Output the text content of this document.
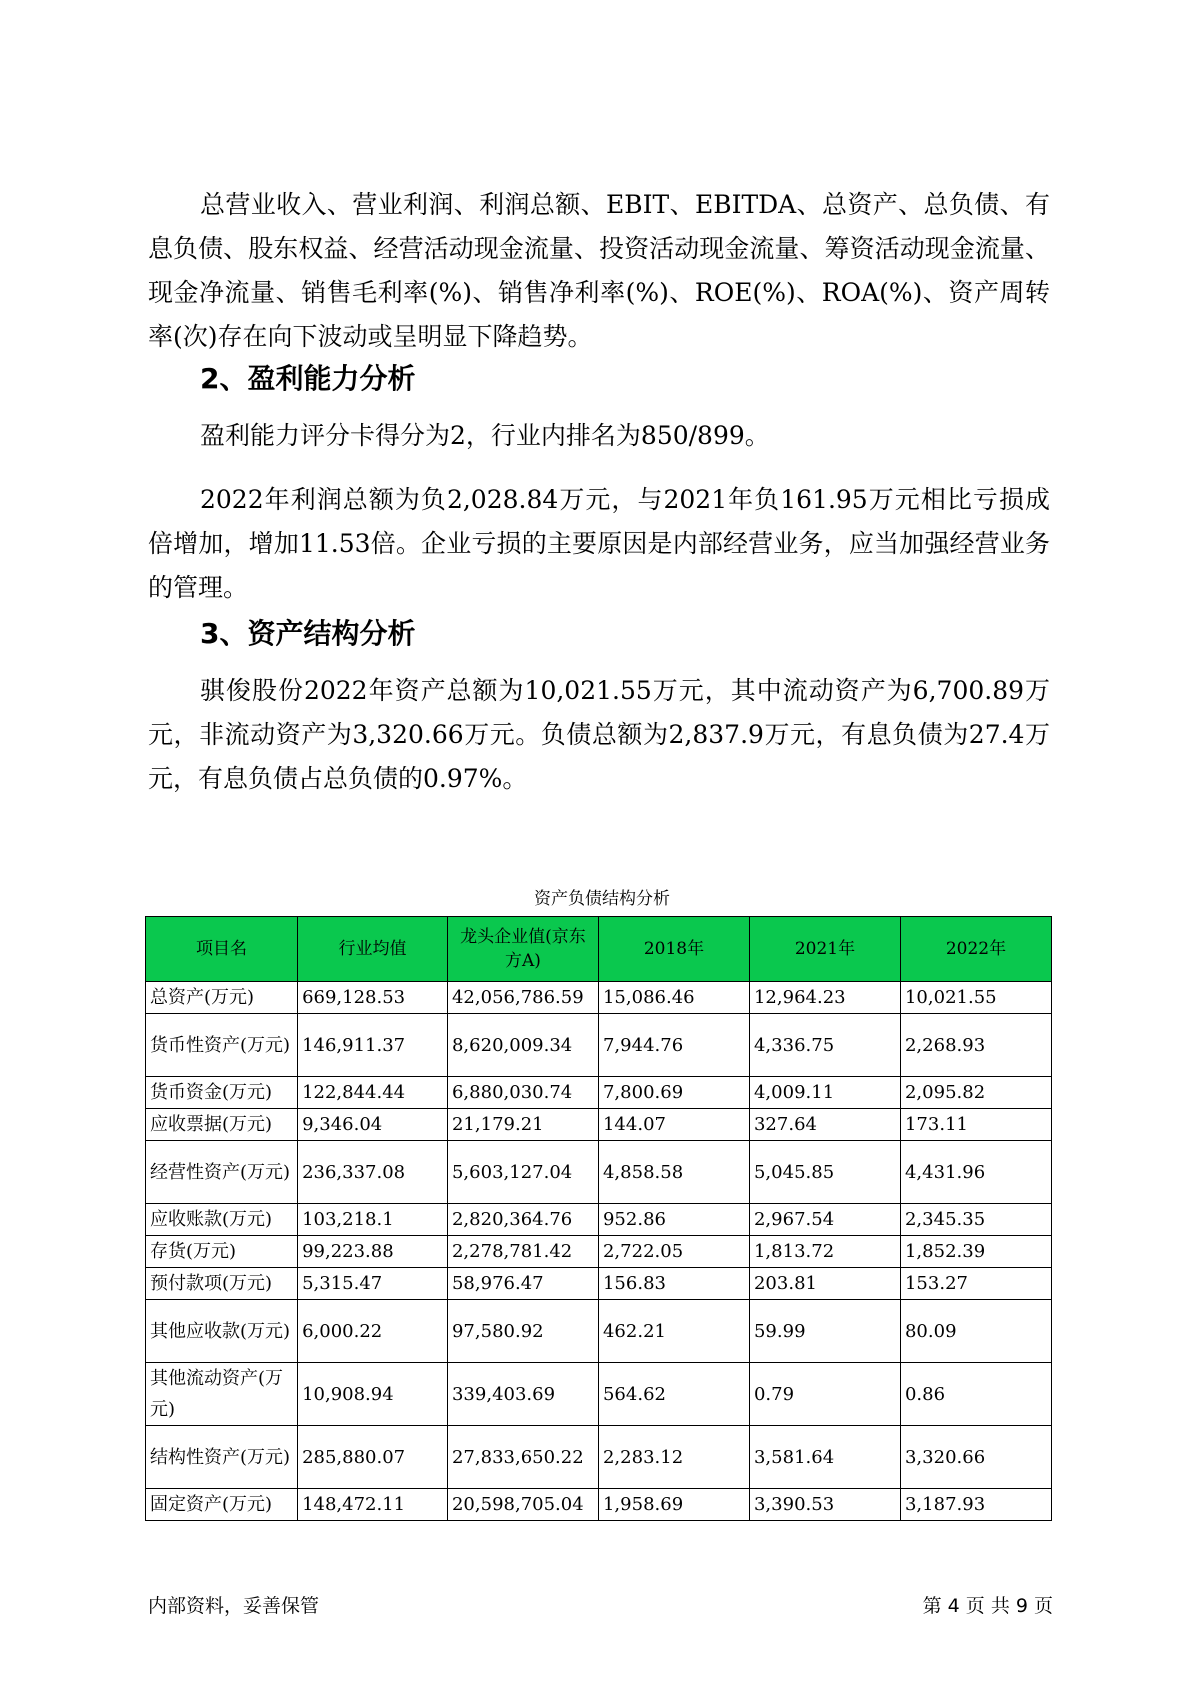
总营业收入、营业利润、利润总额、EBIT、EBITDA、总资产、总负债、有息负债、股东权益、经营活动现金流量、投资活动现金流量、筹资活动现金流量、现金净流量、销售毛利率(%)、销售净利率(%)、ROE(%)、ROA(%)、资产周转率(次)存在向下波动或呈明显下降趋势。

2、盈利能力分析

盈利能力评分卡得分为2，行业内排名为850/899。

2022年利润总额为负2,028.84万元，与2021年负161.95万元相比亏损成倍增加，增加11.53倍。企业亏损的主要原因是内部经营业务，应当加强经营业务的管理。

3、资产结构分析

骐俊股份2022年资产总额为10,021.55万元，其中流动资产为6,700.89万元，非流动资产为3,320.66万元。负债总额为2,837.9万元，有息负债为27.4万元，有息负债占总负债的0.97%。

资产负债结构分析
项目名	行业均值	龙头企业值(京东方A)	2018年	2021年	2022年
总资产(万元)	669,128.53	42,056,786.59	15,086.46	12,964.23	10,021.55
货币性资产(万元)	146,911.37	8,620,009.34	7,944.76	4,336.75	2,268.93
货币资金(万元)	122,844.44	6,880,030.74	7,800.69	4,009.11	2,095.82
应收票据(万元)	9,346.04	21,179.21	144.07	327.64	173.11
经营性资产(万元)	236,337.08	5,603,127.04	4,858.58	5,045.85	4,431.96
应收账款(万元)	103,218.1	2,820,364.76	952.86	2,967.54	2,345.35
存货(万元)	99,223.88	2,278,781.42	2,722.05	1,813.72	1,852.39
预付款项(万元)	5,315.47	58,976.47	156.83	203.81	153.27
其他应收款(万元)	6,000.22	97,580.92	462.21	59.99	80.09
其他流动资产(万元)	10,908.94	339,403.69	564.62	0.79	0.86
结构性资产(万元)	285,880.07	27,833,650.22	2,283.12	3,581.64	3,320.66
固定资产(万元)	148,472.11	20,598,705.04	1,958.69	3,390.53	3,187.93
内部资料，妥善保管	第 4 页 共 9 页
